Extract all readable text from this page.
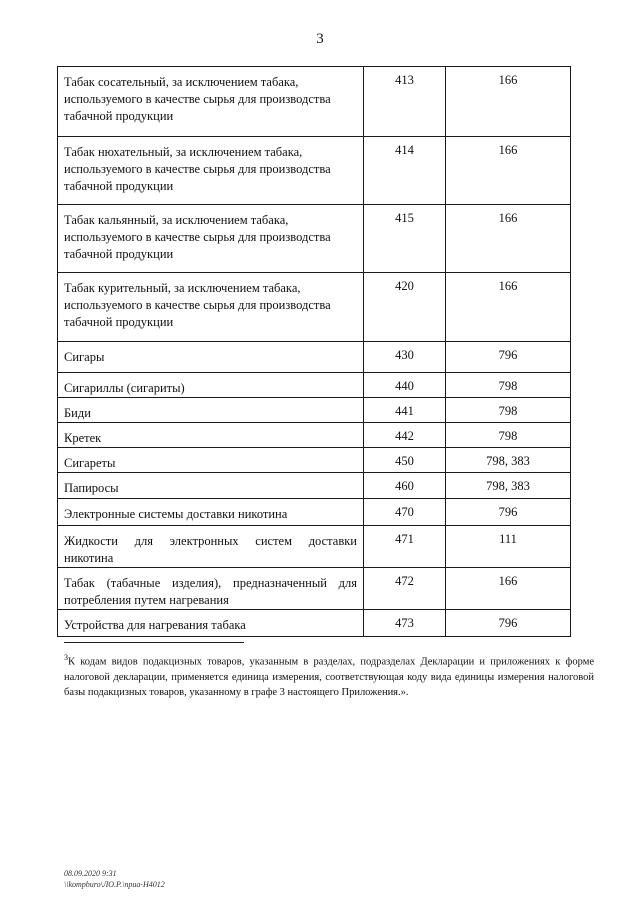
3
Табак сосательный, за исключением табака, используемого в качестве сырья для производства табачной продукции	413	166
Табак нюхательный, за исключением табака, используемого в качестве сырья для производства табачной продукции	414	166
Табак кальянный, за исключением табака, используемого в качестве сырья для производства табачной продукции	415	166
Табак курительный, за исключением табака, используемого в качестве сырья для производства табачной продукции	420	166
Сигары	430	796
Сигариллы (сигариты)	440	798
Биди	441	798
Кретек	442	798
Сигареты	450	798, 383
Папиросы	460	798, 383
Электронные системы доставки никотина	470	796
Жидкости для электронных систем доставки
никотина	471	111
Табак (табачные изделия), предназначенный для
потребления путем нагревания	472	166
Устройства для нагревания табака	473	796
$^3$К кодам видов подакцизных товаров, указанным в разделах, подразделах Декларации и приложениях к форме налоговой декларации, применяется единица измерения, соответствующая коду вида единицы измерения налоговой базы подакцизных товаров, указанному в графе 3 настоящего Приложения.».
08.09.2020 9:31
\\kompburo\ЛО.Р.\приа-Н4012
